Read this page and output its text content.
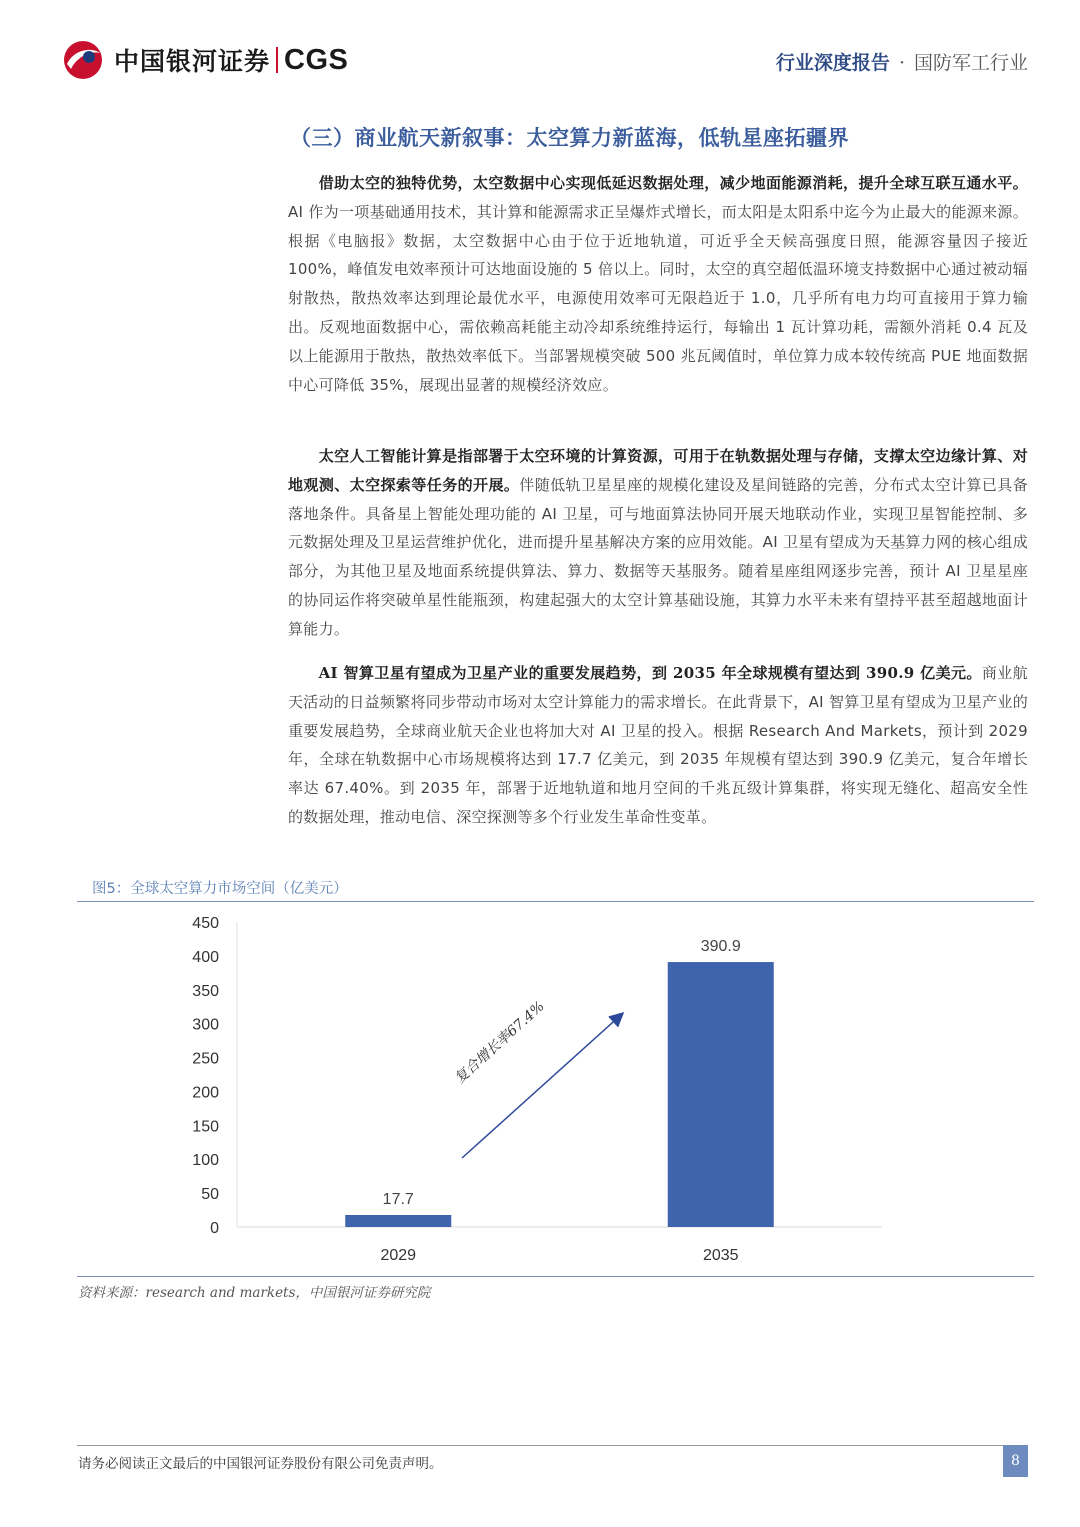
中国银河证券 CGS	行业深度报告 · 国防军工行业
（三）商业航天新叙事：太空算力新蓝海，低轨星座拓疆界
  借助太空的独特优势，太空数据中心实现低延迟数据处理，减少地面能源消耗，提升全球互联互通水平。AI 作为一项基础通用技术，其计算和能源需求正呈爆炸式增长，而太阳是太阳系中迄今为止最大的能源来源。根据《电脑报》数据，太空数据中心由于位于近地轨道，可近乎全天候高强度日照，能源容量因子接近 100%，峰值发电效率预计可达地面设施的 5 倍以上。同时，太空的真空超低温环境支持数据中心通过被动辐射散热，散热效率达到理论最优水平，电源使用效率可无限趋近于 1.0，几乎所有电力均可直接用于算力输出。反观地面数据中心，需依赖高耗能主动冷却系统维持运行，每输出 1 瓦计算功耗，需额外消耗 0.4 瓦及以上能源用于散热，散热效率低下。当部署规模突破 500 兆瓦阈值时，单位算力成本较传统高 PUE 地面数据中心可降低 35%，展现出显著的规模经济效应。
  太空人工智能计算是指部署于太空环境的计算资源，可用于在轨数据处理与存储，支撑太空边缘计算、对地观测、太空探索等任务的开展。伴随低轨卫星星座的规模化建设及星间链路的完善，分布式太空计算已具备落地条件。具备星上智能处理功能的 AI 卫星，可与地面算法协同开展天地联动作业，实现卫星智能控制、多元数据处理及卫星运营维护优化，进而提升星基解决方案的应用效能。AI 卫星有望成为天基算力网的核心组成部分，为其他卫星及地面系统提供算法、算力、数据等天基服务。随着星座组网逐步完善，预计 AI 卫星星座的协同运作将突破单星性能瓶颈，构建起强大的太空计算基础设施，其算力水平未来有望持平甚至超越地面计算能力。
  AI 智算卫星有望成为卫星产业的重要发展趋势，到 2035 年全球规模有望达到 390.9 亿美元。商业航天活动的日益频繁将同步带动市场对太空计算能力的需求增长。在此背景下，AI 智算卫星有望成为卫星产业的重要发展趋势，全球商业航天企业也将加大对 AI 卫星的投入。根据 Research And Markets，预计到 2029 年，全球在轨数据中心市场规模将达到 17.7 亿美元，到 2035 年规模有望达到 390.9 亿美元，复合年增长率达 67.40%。到 2035 年，部署于近地轨道和地月空间的千兆瓦级计算集群，将实现无缝化、超高安全性的数据处理，推动电信、深空探测等多个行业发生革命性变革。
图5：全球太空算力市场空间（亿美元）
0
50
100
150
200
250
300
350
400
450
17.7
2029
390.9
2035
复合增长率67.4%
资料来源：research and markets，中国银河证券研究院
请务必阅读正文最后的中国银河证券股份有限公司免责声明。	8
